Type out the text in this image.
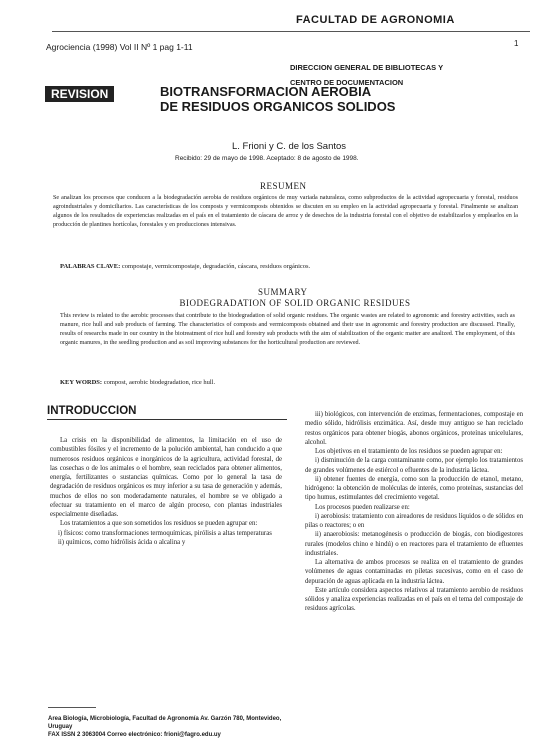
FACULTAD DE AGRONOMIA
Agrociencia (1998) Vol II Nº 1 pag 1-11	1
DIRECCION GENERAL DE BIBLIOTECAS Y
CENTRO DE DOCUMENTACION
REVISION	BIOTRANSFORMACION AEROBIA
DE RESIDUOS ORGANICOS SOLIDOS
L. Frioni y C. de los Santos
Recibido: 29 de mayo de 1998. Aceptado: 8 de agosto de 1998.
RESUMEN

Se analizan los procesos que conducen a la biodegradación aerobia de residuos orgánicos de muy variada naturaleza, como subproductos de la actividad agropecuaria y forestal, residuos agroindustriales y domiciliarios. Las características de los composts y vermicomposts obtenidos se discuten en su empleo en la actividad agropecuaria y forestal. Finalmente se analizan algunos de los resultados de experiencias realizadas en el país en el tratamiento de cáscara de arroz y de desechos de la industria forestal con el objetivo de estabilizarlos y emplearlos en la producción de plantines hortícolas, forestales y en producciones intensivas.

PALABRAS CLAVE: compostaje, vermicompostaje, degradación, cáscara, residuos orgánicos.
SUMMARY
BIODEGRADATION OF SOLID ORGANIC RESIDUES

This review is related to the aerobic processes that contribute to the biodegradation of solid organic residues. The organic wastes are related to agronomic and forestry activities, such as manure, rice hull and sub products of farming. The characteristics of composts and vermicomposts obtained and their use in agronomic and forestry production are discussed. Finally, results of researchs made in our country in the biotreatment of rice hull and forestry sub products with the aim of stabilization of the organic matter are analized. The employment, of this organic manures, in the seedling production and as soil improving substances for the horticultural production are reviewed.

KEY WORDS: compost, aerobic biodegradation, rice hull.
INTRODUCCION

La crisis en la disponibilidad de alimentos, la limitación en el uso de combustibles fósiles y el incremento de la polución ambiental, han conducido a que numerosos residuos orgánicos e inorgánicos de la agricultura, actividad forestal, de las cosechas o de los animales o el hombre, sean reciclados para obtener alimentos, energía, fertilizantes o sustancias químicas. Como por lo general la tasa de degradación de residuos orgánicos es muy inferior a su tasa de generación y además, muchos de ellos no son moderadamente naturales, el hombre se ve obligado a efectuar su tratamiento en el marco de algún proceso, con plantas industriales especialmente diseñadas.

Los tratamientos a que son sometidos los residuos se pueden agrupar en:

i) físicos: como transformaciones termoquímicas, pirólisis a altas temperaturas

ii) químicos, como hidrólisis ácida o alcalina y

iii) biológicos, con intervención de enzimas, fermentaciones, compostaje en medio sólido, hidrólisis enzimática. Así, desde muy antiguo se han reciclado restos orgánicos para obtener biogás, abonos orgánicos, proteínas unicelulares, alcohol.

Los objetivos en el tratamiento de los residuos se pueden agrupar en:

i) disminución de la carga contaminante como, por ejemplo los tratamientos de grandes volúmenes de estiércol o efluentes de la industria láctea.

ii) obtener fuentes de energía, como son la producción de etanol, metano, hidrógeno: la obtención de moléculas de interés, como proteínas, sustancias del tipo humus, estimulantes del crecimiento vegetal.

Los procesos pueden realizarse en:

i) aerobiosis: tratamiento con aireadores de residuos líquidos o de sólidos en pilas o reactores; o en

ii) anaerobiosis: metanogénesis o producción de biogás, con biodigestores rurales (modelos chino e hindú) o en reactores para el tratamiento de efluentes industriales.

La alternativa de ambos procesos se realiza en el tratamiento de grandes volúmenes de aguas contaminadas en piletas sucesivas, como en el caso de depuración de aguas aplicada en la industria láctea.

Este artículo considera aspectos relativos al tratamiento aerobio de residuos sólidos y analiza experiencias realizadas en el país en el tema del compostaje de residuos agrícolas.

Area Biología, Microbiología, Facultad de Agronomía Av. Garzón 780, Montevideo, Uruguay
FAX ISSN 2 3063004 Correo electrónico: frioni@fagro.edu.uy
